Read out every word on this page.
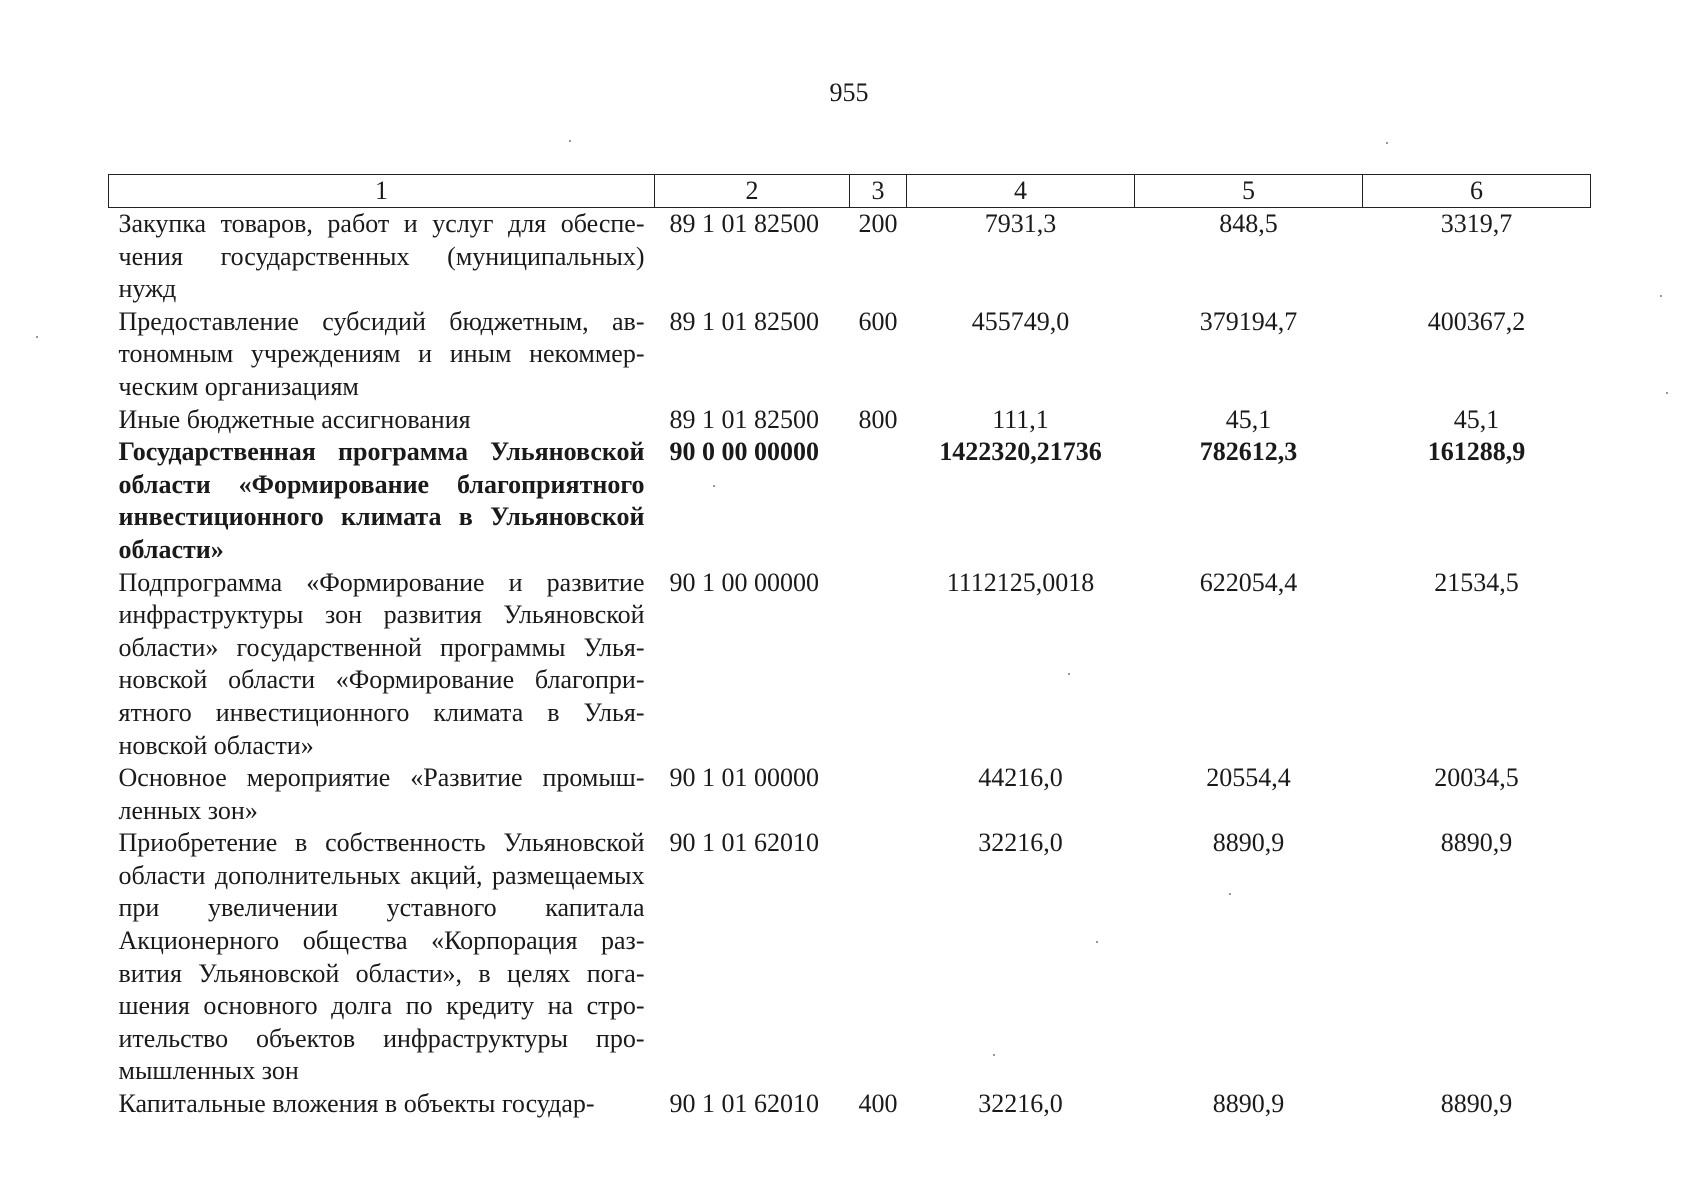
955
1	2	3	4	5	6
Закупка товаров, работ и услуг для обеспечения государственных (муниципальных) нужд	89 1 01 82500	200	7931,3	848,5	3319,7
Предоставление субсидий бюджетным, автономным учреждениям и иным некоммерческим организациям	89 1 01 82500	600	455749,0	379194,7	400367,2
Иные бюджетные ассигнования	89 1 01 82500	800	111,1	45,1	45,1
Государственная программа Ульяновской области «Формирование благоприятного инвестиционного климата в Ульяновской области»	90 0 00 00000		1422320,21736	782612,3	161288,9
Подпрограмма «Формирование и развитие инфраструктуры зон развития Ульяновской области» государственной программы Ульяновской области «Формирование благоприятного инвестиционного климата в Ульяновской области»	90 1 00 00000		1112125,0018	622054,4	21534,5
Основное мероприятие «Развитие промышленных зон»	90 1 01 00000		44216,0	20554,4	20034,5
Приобретение в собственность Ульяновской области дополнительных акций, размещаемых при увеличении уставного капитала Акционерного общества «Корпорация развития Ульяновской области», в целях погашения основного долга по кредиту на строительство объектов инфраструктуры промышленных зон	90 1 01 62010		32216,0	8890,9	8890,9
Капитальные вложения в объекты государ-	90 1 01 62010	400	32216,0	8890,9	8890,9
